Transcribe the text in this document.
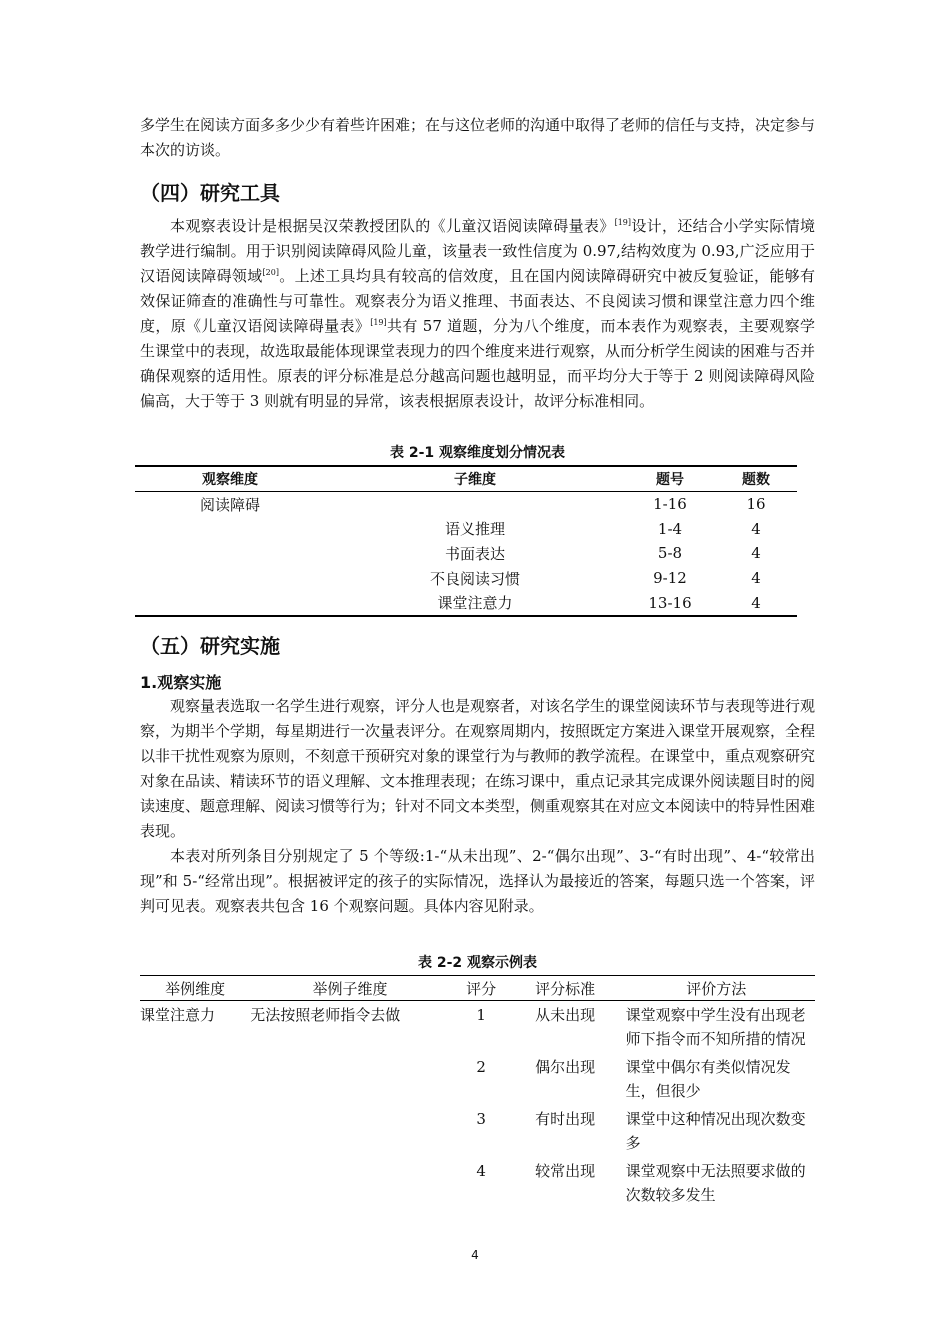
多学生在阅读方面多多少少有着些许困难；在与这位老师的沟通中取得了老师的信任与支持，决定参与本次的访谈。

（四）研究工具

本观察表设计是根据吴汉荣教授团队的《儿童汉语阅读障碍量表》[19]设计，还结合小学实际情境教学进行编制。用于识别阅读障碍风险儿童，该量表一致性信度为 0.97,结构效度为 0.93,广泛应用于汉语阅读障碍领域[20]。上述工具均具有较高的信效度，且在国内阅读障碍研究中被反复验证，能够有效保证筛查的准确性与可靠性。观察表分为语义推理、书面表达、不良阅读习惯和课堂注意力四个维度，原《儿童汉语阅读障碍量表》[19]共有 57 道题，分为八个维度，而本表作为观察表，主要观察学生课堂中的表现，故选取最能体现课堂表现力的四个维度来进行观察，从而分析学生阅读的困难与否并确保观察的适用性。原表的评分标准是总分越高问题也越明显，而平均分大于等于 2 则阅读障碍风险偏高，大于等于 3 则就有明显的异常，该表根据原表设计，故评分标准相同。

表 2-1 观察维度划分情况表

观察维度	子维度	题号	题数
阅读障碍		1-16	16
	语义推理	1-4	4
	书面表达	5-8	4
	不良阅读习惯	9-12	4
	课堂注意力	13-16	4
（五）研究实施
1.观察实施

观察量表选取一名学生进行观察，评分人也是观察者，对该名学生的课堂阅读环节与表现等进行观察，为期半个学期，每星期进行一次量表评分。在观察周期内，按照既定方案进入课堂开展观察，全程以非干扰性观察为原则，不刻意干预研究对象的课堂行为与教师的教学流程。在课堂中，重点观察研究对象在品读、精读环节的语义理解、文本推理表现；在练习课中，重点记录其完成课外阅读题目时的阅读速度、题意理解、阅读习惯等行为；针对不同文本类型，侧重观察其在对应文本阅读中的特异性困难表现。

本表对所列条目分别规定了 5 个等级:1-“从未出现”、2-“偶尔出现”、3-“有时出现”、4-“较常出现”和 5-“经常出现”。根据被评定的孩子的实际情况，选择认为最接近的答案，每题只选一个答案，评判可见表。观察表共包含 16 个观察问题。具体内容见附录。

表 2-2 观察示例表

举例维度	举例子维度	评分	评分标准	评价方法
课堂注意力	无法按照老师指令去做	1	从未出现	课堂观察中学生没有出现老师下指令而不知所措的情况
		2	偶尔出现	课堂中偶尔有类似情况发生，但很少
		3	有时出现	课堂中这种情况出现次数变多
		4	较常出现	课堂观察中无法照要求做的次数较多发生
4
